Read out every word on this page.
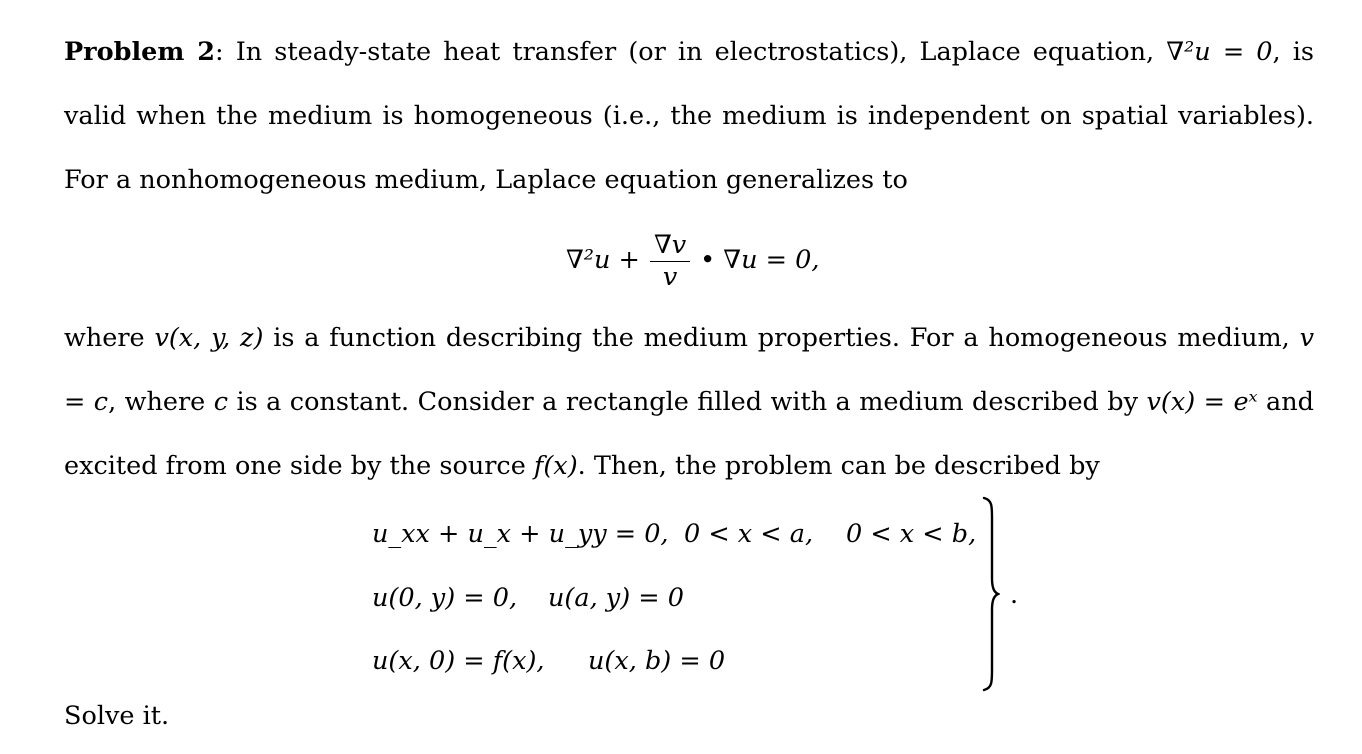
Problem 2: In steady-state heat transfer (or in electrostatics), Laplace equation, ∇²u = 0, is valid when the medium is homogeneous (i.e., the medium is independent on spatial variables). For a nonhomogeneous medium, Laplace equation generalizes to
$\nabla^2u + \frac{\nabla v}{v}$ • ∇u = 0,
where v(x, y, z) is a function describing the medium properties. For a homogeneous medium, v = c, where c is a constant. Consider a rectangle filled with a medium described by v(x) = eˣ and excited from one side by the source f(x). Then, the problem can be described by
u_xx + u_x + u_yy = 0, 0 < x < a, 0 < x < b,
u(0, y) = 0, u(a, y) = 0
u(x, 0) = f(x), u(x, b) = 0
.
Solve it.
